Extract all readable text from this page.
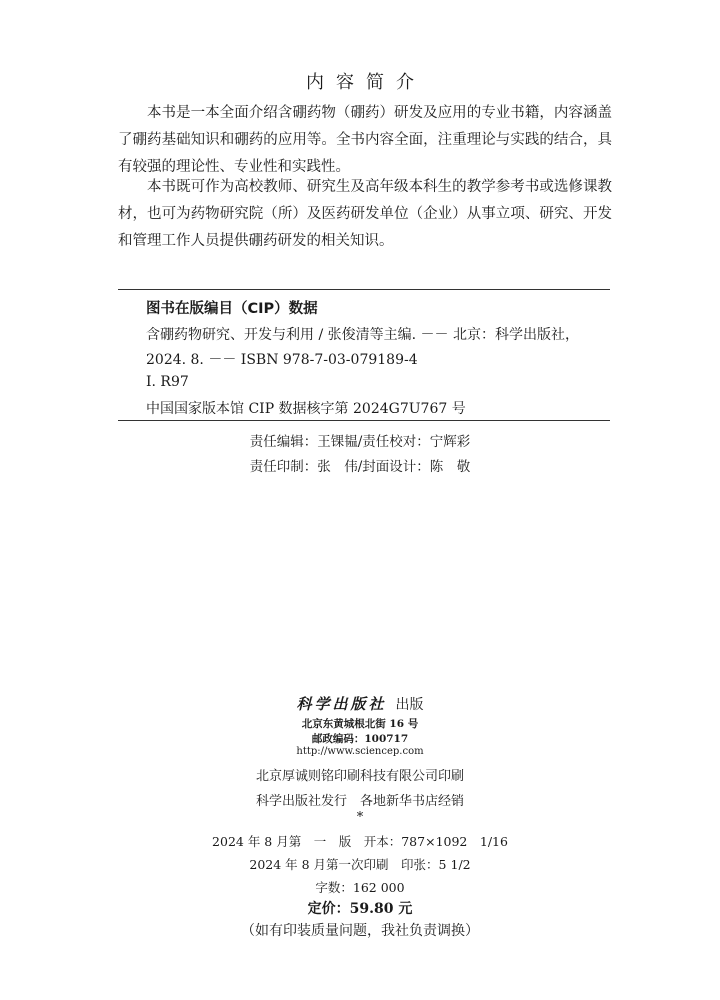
内容简介
本书是一本全面介绍含硼药物（硼药）研发及应用的专业书籍，内容涵盖了硼药基础知识和硼药的应用等。全书内容全面，注重理论与实践的结合，具有较强的理论性、专业性和实践性。
本书既可作为高校教师、研究生及高年级本科生的教学参考书或选修课教材，也可为药物研究院（所）及医药研发单位（企业）从事立项、研究、开发和管理工作人员提供硼药研发的相关知识。
图书在版编目（CIP）数据
含硼药物研究、开发与利用 / 张俊清等主编. －－ 北京：科学出版社，
2024. 8. －－ ISBN 978-7-03-079189-4
Ⅰ. R97
中国国家版本馆 CIP 数据核字第 2024G7U767 号
责任编辑：王锞韫/责任校对：宁辉彩
责任印制：张　伟/封面设计：陈　敬
科学出版社 出版
北京东黄城根北街 16 号
邮政编码：100717
http://www.sciencep.com
北京厚诚则铭印刷科技有限公司印刷
科学出版社发行　各地新华书店经销
*
2024 年 8 月第　一　版　开本：787×1092　1/16
2024 年 8 月第一次印刷　印张：5 1/2
字数：162 000
定价：59.80 元
（如有印装质量问题，我社负责调换）
